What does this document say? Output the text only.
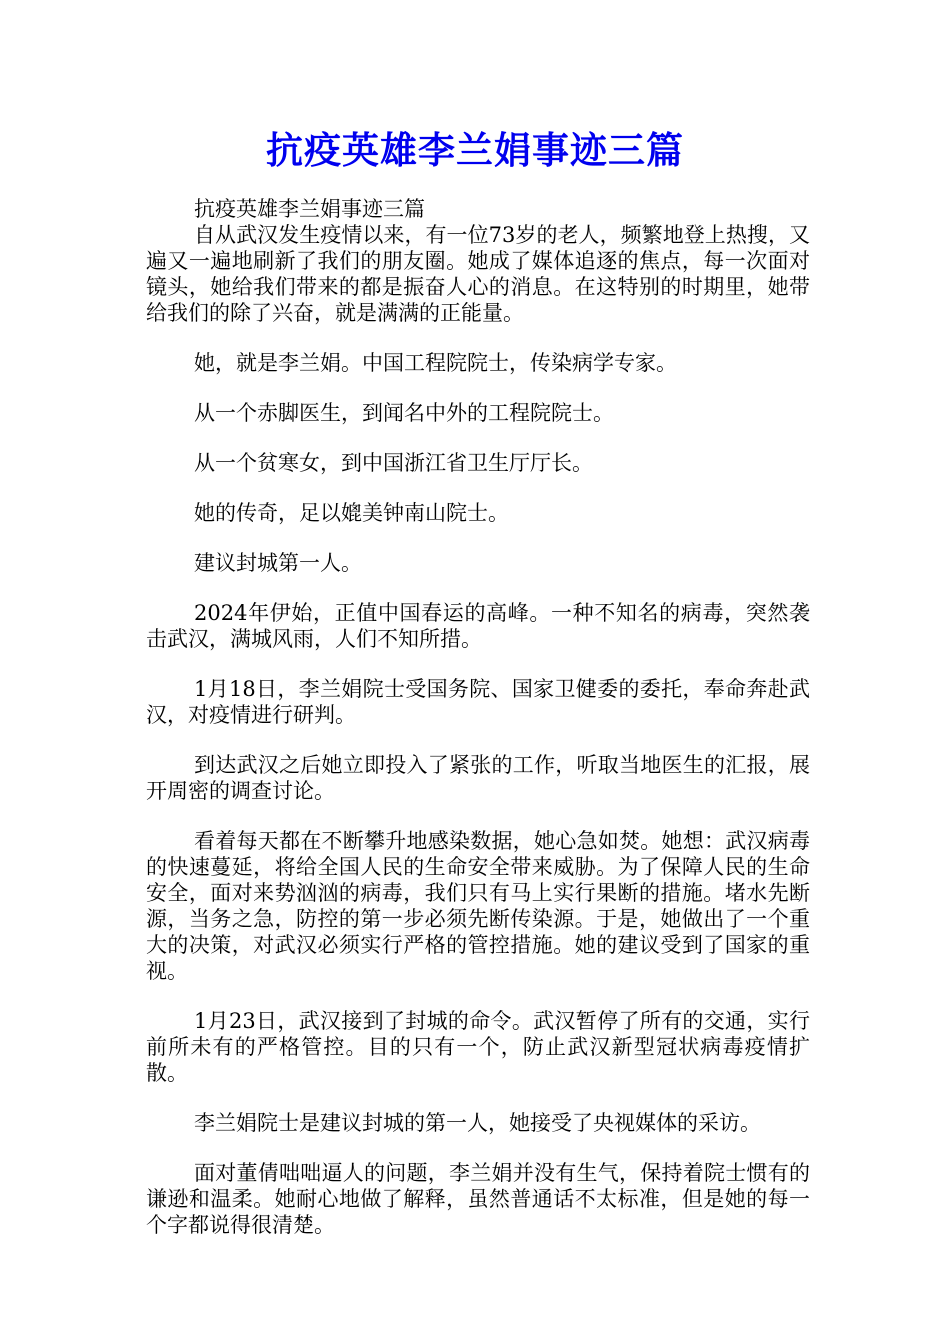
抗疫英雄李兰娟事迹三篇

抗疫英雄李兰娟事迹三篇

自从武汉发生疫情以来，有一位73岁的老人，频繁地登上热搜，又遍又一遍地刷新了我们的朋友圈。她成了媒体追逐的焦点，每一次面对镜头，她给我们带来的都是振奋人心的消息。在这特别的时期里，她带给我们的除了兴奋，就是满满的正能量。

她，就是李兰娟。中国工程院院士，传染病学专家。

从一个赤脚医生，到闻名中外的工程院院士。

从一个贫寒女，到中国浙江省卫生厅厅长。

她的传奇，足以媲美钟南山院士。

建议封城第一人。

2024年伊始，正值中国春运的高峰。一种不知名的病毒，突然袭击武汉，满城风雨，人们不知所措。

1月18日，李兰娟院士受国务院、国家卫健委的委托，奉命奔赴武汉，对疫情进行研判。

到达武汉之后她立即投入了紧张的工作，听取当地医生的汇报，展开周密的调查讨论。

看着每天都在不断攀升地感染数据，她心急如焚。她想：武汉病毒的快速蔓延，将给全国人民的生命安全带来威胁。为了保障人民的生命安全，面对来势汹汹的病毒，我们只有马上实行果断的措施。堵水先断源，当务之急，防控的第一步必须先断传染源。于是，她做出了一个重大的决策，对武汉必须实行严格的管控措施。她的建议受到了国家的重视。

1月23日，武汉接到了封城的命令。武汉暂停了所有的交通，实行前所未有的严格管控。目的只有一个，防止武汉新型冠状病毒疫情扩散。

李兰娟院士是建议封城的第一人，她接受了央视媒体的采访。

面对董倩咄咄逼人的问题，李兰娟并没有生气，保持着院士惯有的谦逊和温柔。她耐心地做了解释，虽然普通话不太标准，但是她的每一个字都说得很清楚。
